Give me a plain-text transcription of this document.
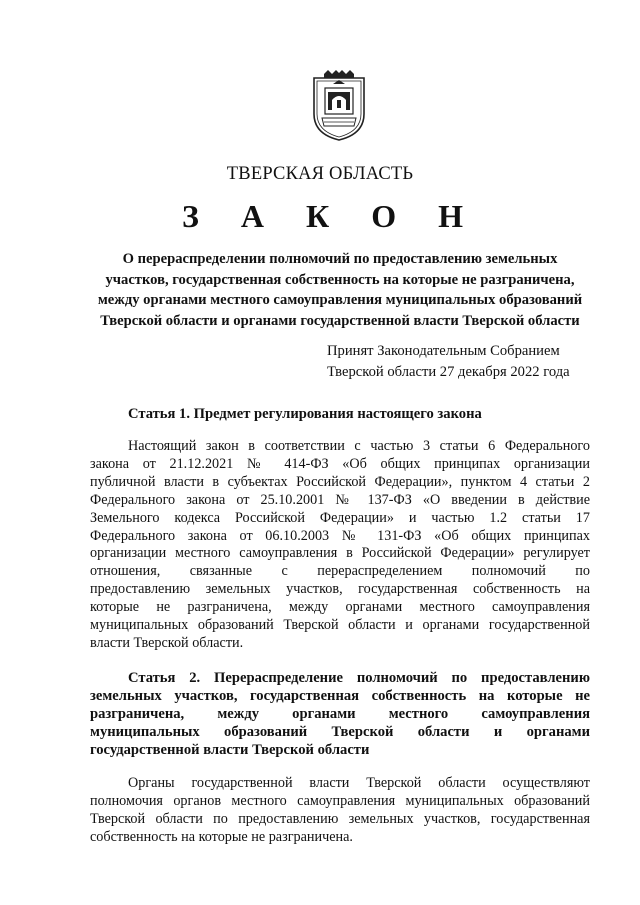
ТВЕРСКАЯ ОБЛАСТЬ
З А К О Н
О перераспределении полномочий по предоставлению земельных
участков, государственная собственность на которые не разграничена,
между органами местного самоуправления муниципальных образований
Тверской области и органами государственной власти Тверской области
Принят Законодательным Собранием
Тверской области 27 декабря 2022 года
Статья 1. Предмет регулирования настоящего закона
Настоящий закон в соответствии с частью 3 статьи 6 Федерального
закона от 21.12.2021 № 414-ФЗ «Об общих принципах организации
публичной власти в субъектах Российской Федерации», пунктом 4 статьи 2
Федерального закона от 25.10.2001 № 137-ФЗ «О введении в действие
Земельного кодекса Российской Федерации» и частью 1.2 статьи 17
Федерального закона от 06.10.2003 № 131-ФЗ «Об общих принципах
организации местного самоуправления в Российской Федерации» регулирует
отношения, связанные с перераспределением полномочий по
предоставлению земельных участков, государственная собственность на
которые не разграничена, между органами местного самоуправления
муниципальных образований Тверской области и органами государственной
власти Тверской области.
Статья 2. Перераспределение полномочий по предоставлению
земельных участков, государственная собственность на которые не
разграничена, между органами местного самоуправления
муниципальных образований Тверской области и органами
государственной власти Тверской области
Органы государственной власти Тверской области осуществляют
полномочия органов местного самоуправления муниципальных образований
Тверской области по предоставлению земельных участков, государственная
собственность на которые не разграничена.
